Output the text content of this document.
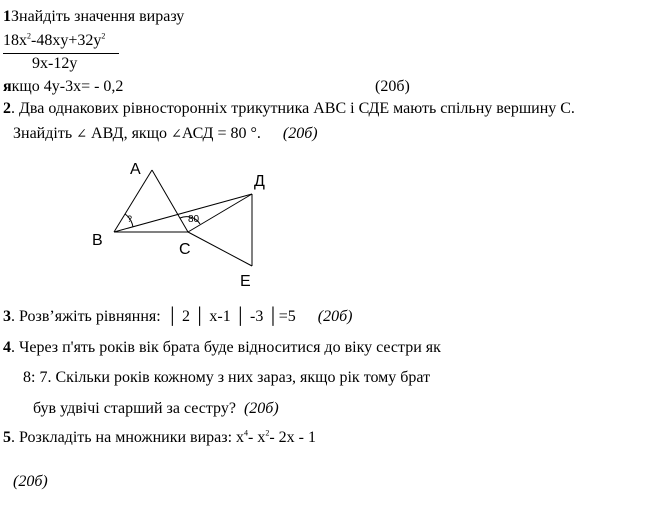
1Знайдіть значення виразу
$18x^2-48xy+32y^2$
9x-12y
якщо 4y-3x= - 0,2	(20б)
2. Два однакових рівносторонніх трикутника АВС і СДЕ мають спільну вершину С.
Знайдіть ∠ АВД, якщо ∠АСД = 80 °. (20б)
А
В
С
Д
Е
?	80
3. Розв’яжіть рівняння: │ 2 │ x-1 │ -3 │=5 (20б)
4. Через п'ять років вік брата буде відноситися до віку сестри як
8: 7. Скільки років кожному з них зараз, якщо рік тому брат
був удвічі старший за сестру? (20б)
5. Розкладіть на множники вираз: $x^4-$ $x^2-$ 2x - 1
(20б)
